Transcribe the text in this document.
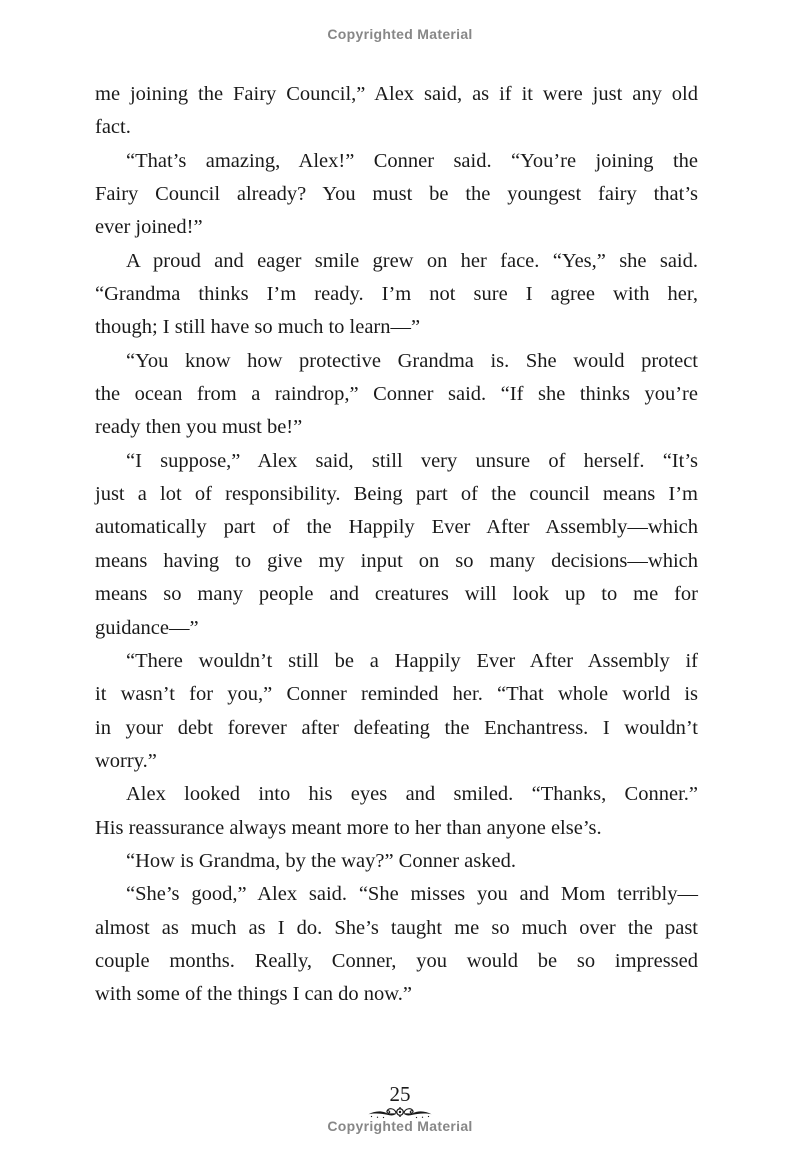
Copyrighted Material
me joining the Fairy Council,” Alex said, as if it were just any old
fact.
“That’s amazing, Alex!” Conner said. “You’re joining the
Fairy Council already? You must be the youngest fairy that’s
ever joined!”
A proud and eager smile grew on her face. “Yes,” she said.
“Grandma thinks I’m ready. I’m not sure I agree with her,
though; I still have so much to learn—”
“You know how protective Grandma is. She would protect
the ocean from a raindrop,” Conner said. “If she thinks you’re
ready then you must be!”
“I suppose,” Alex said, still very unsure of herself. “It’s
just a lot of responsibility. Being part of the council means I’m
automatically part of the Happily Ever After Assembly—which
means having to give my input on so many decisions—which
means so many people and creatures will look up to me for
guidance—”
“There wouldn’t still be a Happily Ever After Assembly if
it wasn’t for you,” Conner reminded her. “That whole world is
in your debt forever after defeating the Enchantress. I wouldn’t
worry.”
Alex looked into his eyes and smiled. “Thanks, Conner.”
His reassurance always meant more to her than anyone else’s.
“How is Grandma, by the way?” Conner asked.
“She’s good,” Alex said. “She misses you and Mom terribly—
almost as much as I do. She’s taught me so much over the past
couple months. Really, Conner, you would be so impressed
with some of the things I can do now.”
25
Copyrighted Material
